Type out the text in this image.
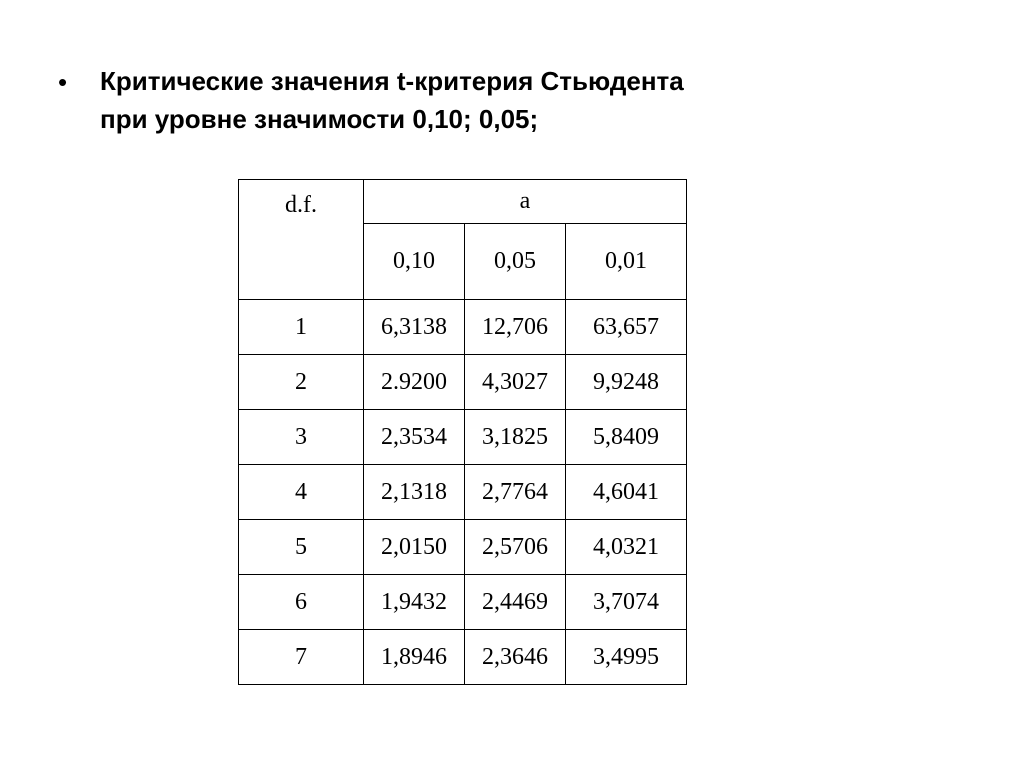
• Критические значения t-критерия Стьюдента
при уровне значимости 0,10; 0,05;
d.f.	a		
	0,10	0,05	0,01
1	6,3138	12,706	63,657
2	2.9200	4,3027	9,9248
3	2,3534	3,1825	5,8409
4	2,1318	2,7764	4,6041
5	2,0150	2,5706	4,0321
6	1,9432	2,4469	3,7074
7	1,8946	2,3646	3,4995
